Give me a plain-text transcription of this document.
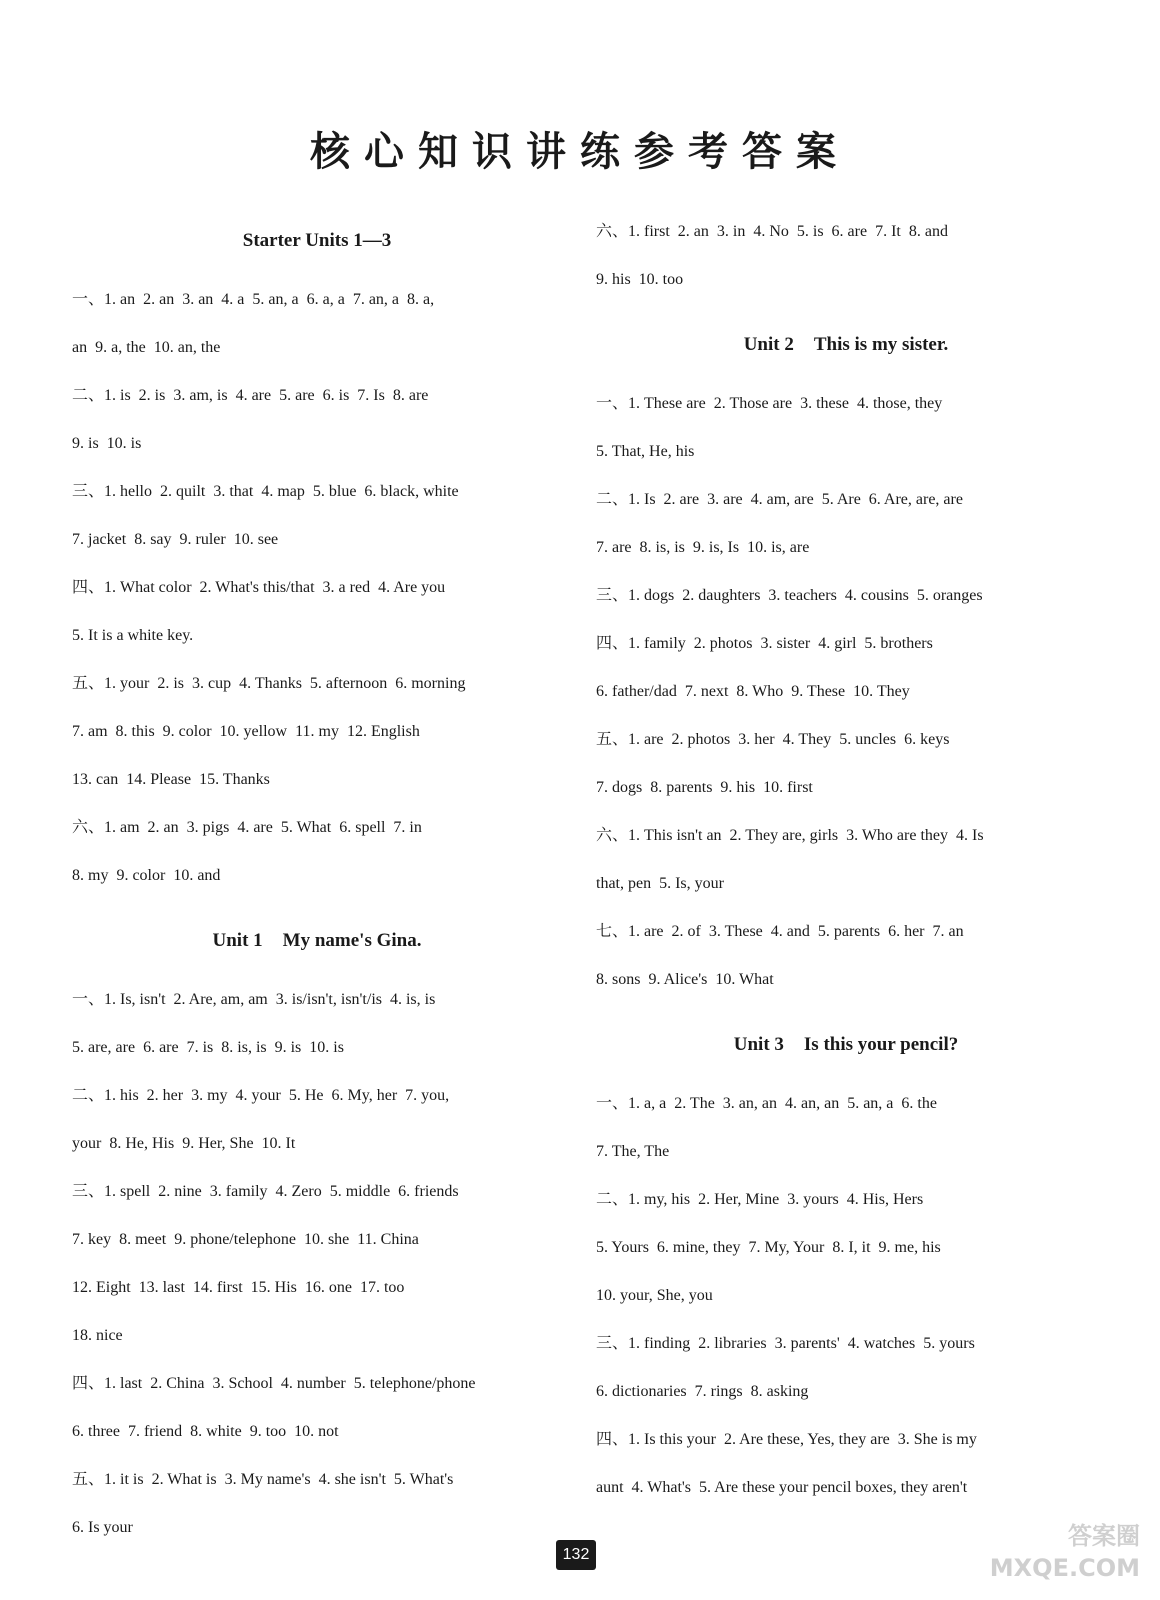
核心知识讲练参考答案
Starter Units 1—3
一、1. an  2. an  3. an  4. a  5. an, a  6. a, a  7. an, a  8. a,
an  9. a, the  10. an, the
二、1. is  2. is  3. am, is  4. are  5. are  6. is  7. Is  8. are
9. is  10. is
三、1. hello  2. quilt  3. that  4. map  5. blue  6. black, white
7. jacket  8. say  9. ruler  10. see
四、1. What color  2. What's this/that  3. a red  4. Are you
5. It is a white key.
五、1. your  2. is  3. cup  4. Thanks  5. afternoon  6. morning
7. am  8. this  9. color  10. yellow  11. my  12. English
13. can  14. Please  15. Thanks
六、1. am  2. an  3. pigs  4. are  5. What  6. spell  7. in
8. my  9. color  10. and
Unit 1 My name's Gina.
一、1. Is, isn't  2. Are, am, am  3. is/isn't, isn't/is  4. is, is
5. are, are  6. are  7. is  8. is, is  9. is  10. is
二、1. his  2. her  3. my  4. your  5. He  6. My, her  7. you,
your  8. He, His  9. Her, She  10. It
三、1. spell  2. nine  3. family  4. Zero  5. middle  6. friends
7. key  8. meet  9. phone/telephone  10. she  11. China
12. Eight  13. last  14. first  15. His  16. one  17. too
18. nice
四、1. last  2. China  3. School  4. number  5. telephone/phone
6. three  7. friend  8. white  9. too  10. not
五、1. it is  2. What is  3. My name's  4. she isn't  5. What's
6. Is your
六、1. first  2. an  3. in  4. No  5. is  6. are  7. It  8. and
9. his  10. too
Unit 2 This is my sister.
一、1. These are  2. Those are  3. these  4. those, they
5. That, He, his
二、1. Is  2. are  3. are  4. am, are  5. Are  6. Are, are, are
7. are  8. is, is  9. is, Is  10. is, are
三、1. dogs  2. daughters  3. teachers  4. cousins  5. oranges
四、1. family  2. photos  3. sister  4. girl  5. brothers
6. father/dad  7. next  8. Who  9. These  10. They
五、1. are  2. photos  3. her  4. They  5. uncles  6. keys
7. dogs  8. parents  9. his  10. first
六、1. This isn't an  2. They are, girls  3. Who are they  4. Is
that, pen  5. Is, your
七、1. are  2. of  3. These  4. and  5. parents  6. her  7. an
8. sons  9. Alice's  10. What
Unit 3 Is this your pencil?
一、1. a, a  2. The  3. an, an  4. an, an  5. an, a  6. the
7. The, The
二、1. my, his  2. Her, Mine  3. yours  4. His, Hers
5. Yours  6. mine, they  7. My, Your  8. I, it  9. me, his
10. your, She, you
三、1. finding  2. libraries  3. parents'  4. watches  5. yours
6. dictionaries  7. rings  8. asking
四、1. Is this your  2. Are these, Yes, they are  3. She is my
aunt  4. What's  5. Are these your pencil boxes, they aren't
132
答案圈
MXQE.COM
